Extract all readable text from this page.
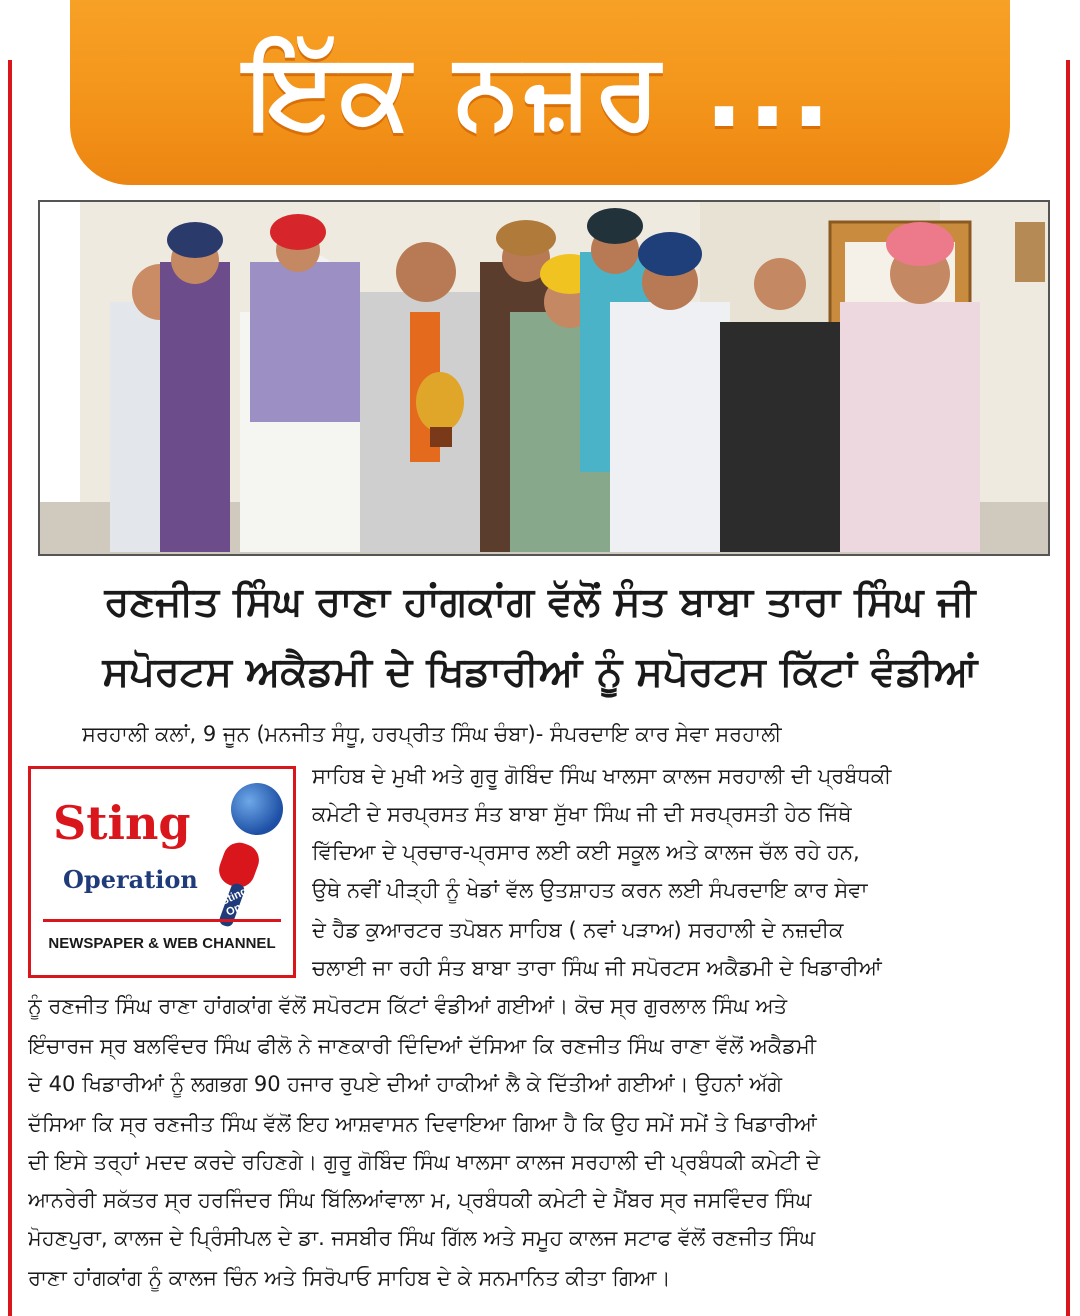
ਇੱਕ ਨਜ਼ਰ ...
ਰਣਜੀਤ ਸਿੰਘ ਰਾਣਾ ਹਾਂਗਕਾਂਗ ਵੱਲੋਂ ਸੰਤ ਬਾਬਾ ਤਾਰਾ ਸਿੰਘ ਜੀ
ਸਪੋਰਟਸ ਅਕੈਡਮੀ ਦੇ ਖਿਡਾਰੀਆਂ ਨੂੰ ਸਪੋਰਟਸ ਕਿੱਟਾਂ ਵੰਡੀਆਂ
Sting
Sting Operation
Operation
NEWSPAPER & WEB CHANNEL
ਸਰਹਾਲੀ ਕਲਾਂ, 9 ਜੂਨ (ਮਨਜੀਤ ਸੰਧੂ, ਹਰਪ੍ਰੀਤ ਸਿੰਘ ਚੰਬਾ)- ਸੰਪਰਦਾਇ ਕਾਰ ਸੇਵਾ ਸਰਹਾਲੀ
ਸਾਹਿਬ ਦੇ ਮੁਖੀ ਅਤੇ ਗੁਰੂ ਗੋਬਿੰਦ ਸਿੰਘ ਖਾਲਸਾ ਕਾਲਜ ਸਰਹਾਲੀ ਦੀ ਪ੍ਰਬੰਧਕੀ
ਕਮੇਟੀ ਦੇ ਸਰਪ੍ਰਸਤ ਸੰਤ ਬਾਬਾ ਸੁੱਖਾ ਸਿੰਘ ਜੀ ਦੀ ਸਰਪ੍ਰਸਤੀ ਹੇਠ ਜਿੱਥੇ
ਵਿੱਦਿਆ ਦੇ ਪ੍ਰਚਾਰ-ਪ੍ਰਸਾਰ ਲਈ ਕਈ ਸਕੂਲ ਅਤੇ ਕਾਲਜ ਚੱਲ ਰਹੇ ਹਨ,
ਉਥੇ ਨਵੀਂ ਪੀੜ੍ਹੀ ਨੂੰ ਖੇਡਾਂ ਵੱਲ ਉਤਸ਼ਾਹਤ ਕਰਨ ਲਈ ਸੰਪਰਦਾਇ ਕਾਰ ਸੇਵਾ
ਦੇ ਹੈਡ ਕੁਆਰਟਰ ਤਪੋਬਨ ਸਾਹਿਬ ( ਨਵਾਂ ਪੜਾਅ) ਸਰਹਾਲੀ ਦੇ ਨਜ਼ਦੀਕ
ਚਲਾਈ ਜਾ ਰਹੀ ਸੰਤ ਬਾਬਾ ਤਾਰਾ ਸਿੰਘ ਜੀ ਸਪੋਰਟਸ ਅਕੈਡਮੀ ਦੇ ਖਿਡਾਰੀਆਂ
ਨੂੰ ਰਣਜੀਤ ਸਿੰਘ ਰਾਣਾ ਹਾਂਗਕਾਂਗ ਵੱਲੋਂ ਸਪੋਰਟਸ ਕਿੱਟਾਂ ਵੰਡੀਆਂ ਗਈਆਂ। ਕੋਚ ਸ੍ਰ ਗੁਰਲਾਲ ਸਿੰਘ ਅਤੇ
ਇੰਚਾਰਜ ਸ੍ਰ ਬਲਵਿੰਦਰ ਸਿੰਘ ਫੀਲੋ ਨੇ ਜਾਣਕਾਰੀ ਦਿੰਦਿਆਂ ਦੱਸਿਆ ਕਿ ਰਣਜੀਤ ਸਿੰਘ ਰਾਣਾ ਵੱਲੋਂ ਅਕੈਡਮੀ
ਦੇ 40 ਖਿਡਾਰੀਆਂ ਨੂੰ ਲਗਭਗ 90 ਹਜਾਰ ਰੁਪਏ ਦੀਆਂ ਹਾਕੀਆਂ ਲੈ ਕੇ ਦਿੱਤੀਆਂ ਗਈਆਂ। ਉਹਨਾਂ ਅੱਗੇ
ਦੱਸਿਆ ਕਿ ਸ੍ਰ ਰਣਜੀਤ ਸਿੰਘ ਵੱਲੋਂ ਇਹ ਆਸ਼ਵਾਸਨ ਦਿਵਾਇਆ ਗਿਆ ਹੈ ਕਿ ਉਹ ਸਮੇਂ ਸਮੇਂ ਤੇ ਖਿਡਾਰੀਆਂ
ਦੀ ਇਸੇ ਤਰ੍ਹਾਂ ਮਦਦ ਕਰਦੇ ਰਹਿਣਗੇ। ਗੁਰੂ ਗੋਬਿੰਦ ਸਿੰਘ ਖਾਲਸਾ ਕਾਲਜ ਸਰਹਾਲੀ ਦੀ ਪ੍ਰਬੰਧਕੀ ਕਮੇਟੀ ਦੇ
ਆਨਰੇਰੀ ਸਕੱਤਰ ਸ੍ਰ ਹਰਜਿੰਦਰ ਸਿੰਘ ਬਿੱਲਿਆਂਵਾਲਾ ਮ, ਪ੍ਰਬੰਧਕੀ ਕਮੇਟੀ ਦੇ ਮੈਂਬਰ ਸ੍ਰ ਜਸਵਿੰਦਰ ਸਿੰਘ
ਮੋਹਣਪੁਰਾ, ਕਾਲਜ ਦੇ ਪ੍ਰਿੰਸੀਪਲ ਦੇ ਡਾ. ਜਸਬੀਰ ਸਿੰਘ ਗਿੱਲ ਅਤੇ ਸਮੂਹ ਕਾਲਜ ਸਟਾਫ ਵੱਲੋਂ ਰਣਜੀਤ ਸਿੰਘ
ਰਾਣਾ ਹਾਂਗਕਾਂਗ ਨੂੰ ਕਾਲਜ ਚਿੰਨ ਅਤੇ ਸਿਰੋਪਾਓ ਸਾਹਿਬ ਦੇ ਕੇ ਸਨਮਾਨਿਤ ਕੀਤਾ ਗਿਆ।
